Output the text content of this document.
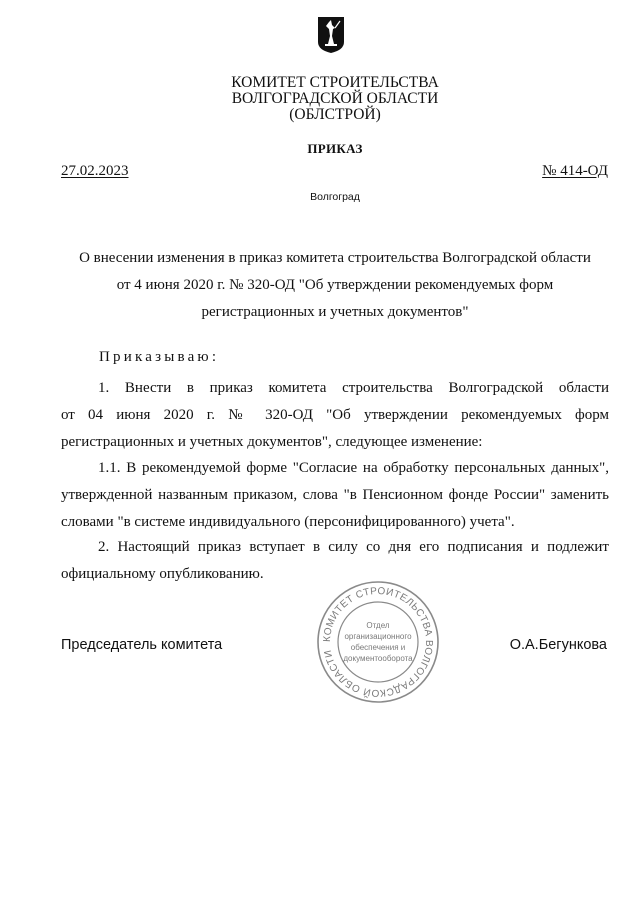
КОМИТЕТ СТРОИТЕЛЬСТВА
ВОЛГОГРАДСКОЙ ОБЛАСТИ
(ОБЛСТРОЙ)
ПРИКАЗ
27.02.2023	№ 414-ОД
Волгоград
О внесении изменения в приказ комитета строительства Волгоградской области
от 4 июня 2020 г. № 320-ОД "Об утверждении рекомендуемых форм
регистрационных и учетных документов"
Приказываю:
1. Внести в приказ комитета строительства Волгоградской области
от 04 июня 2020 г. № 320-ОД "Об утверждении рекомендуемых форм
регистрационных и учетных документов", следующее изменение:
1.1. В рекомендуемой форме "Согласие на обработку персональных данных",
утвержденной названным приказом, слова "в Пенсионном фонде России" заменить
словами "в системе индивидуального (персонифицированного) учета".
2. Настоящий приказ вступает в силу со дня его подписания и подлежит
официальному опубликованию.
Председатель комитета	О.А.Бегункова
КОМИТЕТ СТРОИТЕЛЬСТВА ВОЛГОГРАДСКОЙ ОБЛАСТИ
Отдел
организационного
обеспечения и
документооборота
